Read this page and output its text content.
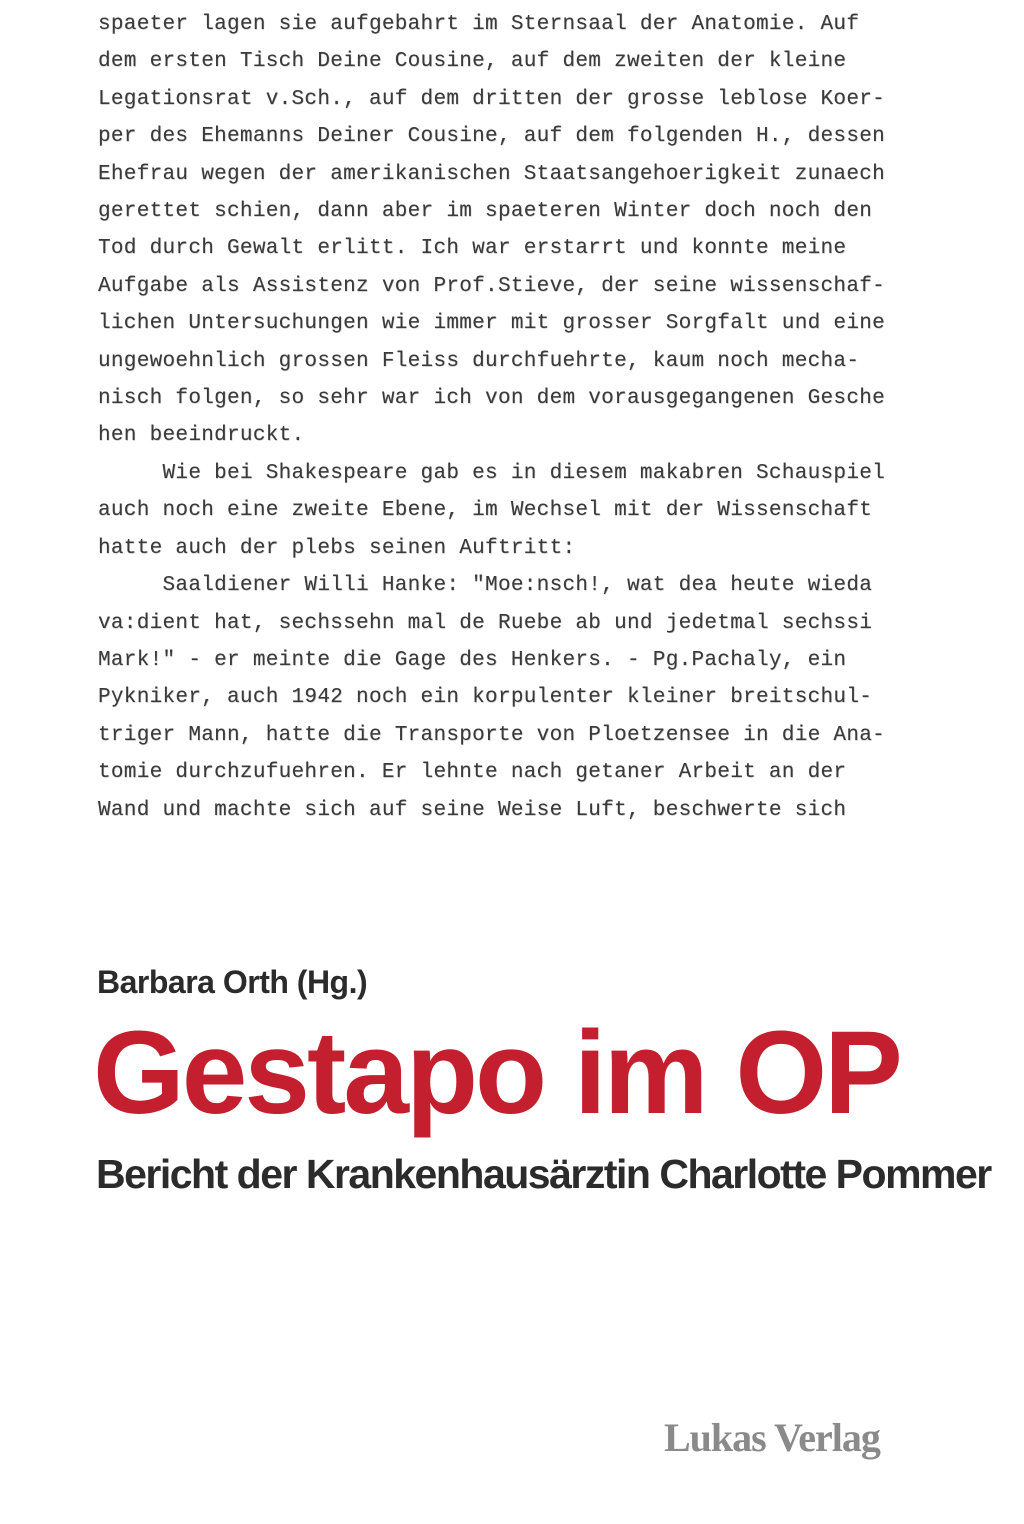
spaeter lagen sie aufgebahrt im Sternsaal der Anatomie. Auf
dem ersten Tisch Deine Cousine, auf dem zweiten der kleine
Legationsrat v.Sch., auf dem dritten der grosse leblose Koer-
per des Ehemanns Deiner Cousine, auf dem folgenden H., dessen
Ehefrau wegen der amerikanischen Staatsangehoerigkeit zunaech
gerettet schien, dann aber im spaeteren Winter doch noch den
Tod durch Gewalt erlitt. Ich war erstarrt und konnte meine
Aufgabe als Assistenz von Prof.Stieve, der seine wissenschaf-
lichen Untersuchungen wie immer mit grosser Sorgfalt und eine
ungewoehnlich grossen Fleiss durchfuehrte, kaum noch mecha-
nisch folgen, so sehr war ich von dem vorausgegangenen Gesche
hen beeindruckt.
Wie bei Shakespeare gab es in diesem makabren Schauspiel
auch noch eine zweite Ebene, im Wechsel mit der Wissenschaft
hatte auch der plebs seinen Auftritt:
Saaldiener Willi Hanke: "Moe:nsch!, wat dea heute wieda
va:dient hat, sechssehn mal de Ruebe ab und jedetmal sechssi
Mark!" - er meinte die Gage des Henkers. - Pg.Pachaly, ein
Pykniker, auch 1942 noch ein korpulenter kleiner breitschul-
triger Mann, hatte die Transporte von Ploetzensee in die Ana-
tomie durchzufuehren. Er lehnte nach getaner Arbeit an der
Wand und machte sich auf seine Weise Luft, beschwerte sich
Barbara Orth (Hg.)
Gestapo im OP
Bericht der Krankenhausärztin Charlotte Pommer
Lukas Verlag
